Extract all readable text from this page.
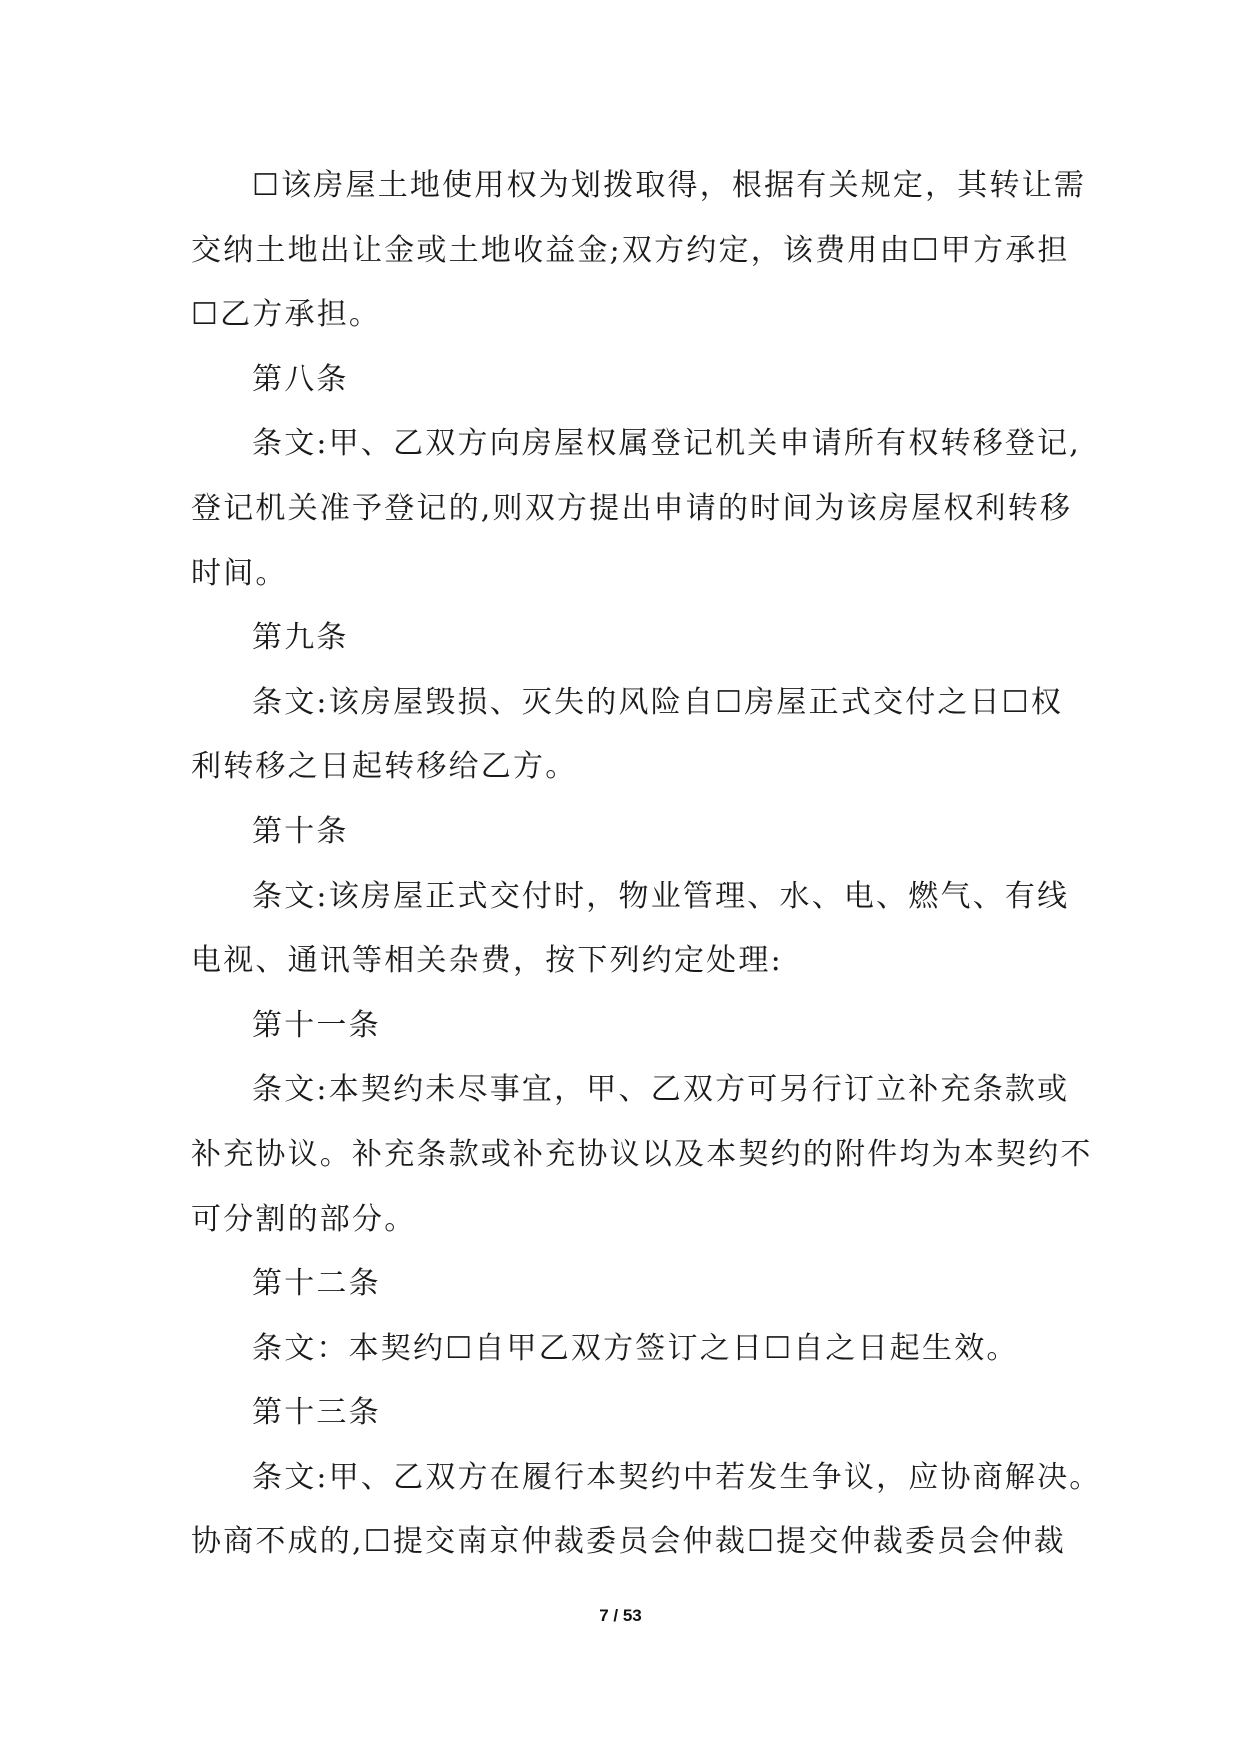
☐该房屋土地使用权为划拨取得，根据有关规定，其转让需
交纳土地出让金或土地收益金;双方约定，该费用由☐甲方承担
☐乙方承担。
第八条
条文:甲、乙双方向房屋权属登记机关申请所有权转移登记,
登记机关准予登记的,则双方提出申请的时间为该房屋权利转移
时间。
第九条
条文:该房屋毁损、灭失的风险自☐房屋正式交付之日☐权
利转移之日起转移给乙方。
第十条
条文:该房屋正式交付时，物业管理、水、电、燃气、有线
电视、通讯等相关杂费，按下列约定处理:
第十一条
条文:本契约未尽事宜，甲、乙双方可另行订立补充条款或
补充协议。补充条款或补充协议以及本契约的附件均为本契约不
可分割的部分。
第十二条
条文：本契约☐自甲乙双方签订之日☐自之日起生效。
第十三条
条文:甲、乙双方在履行本契约中若发生争议，应协商解决。
协商不成的,☐提交南京仲裁委员会仲裁☐提交仲裁委员会仲裁
7 / 53
